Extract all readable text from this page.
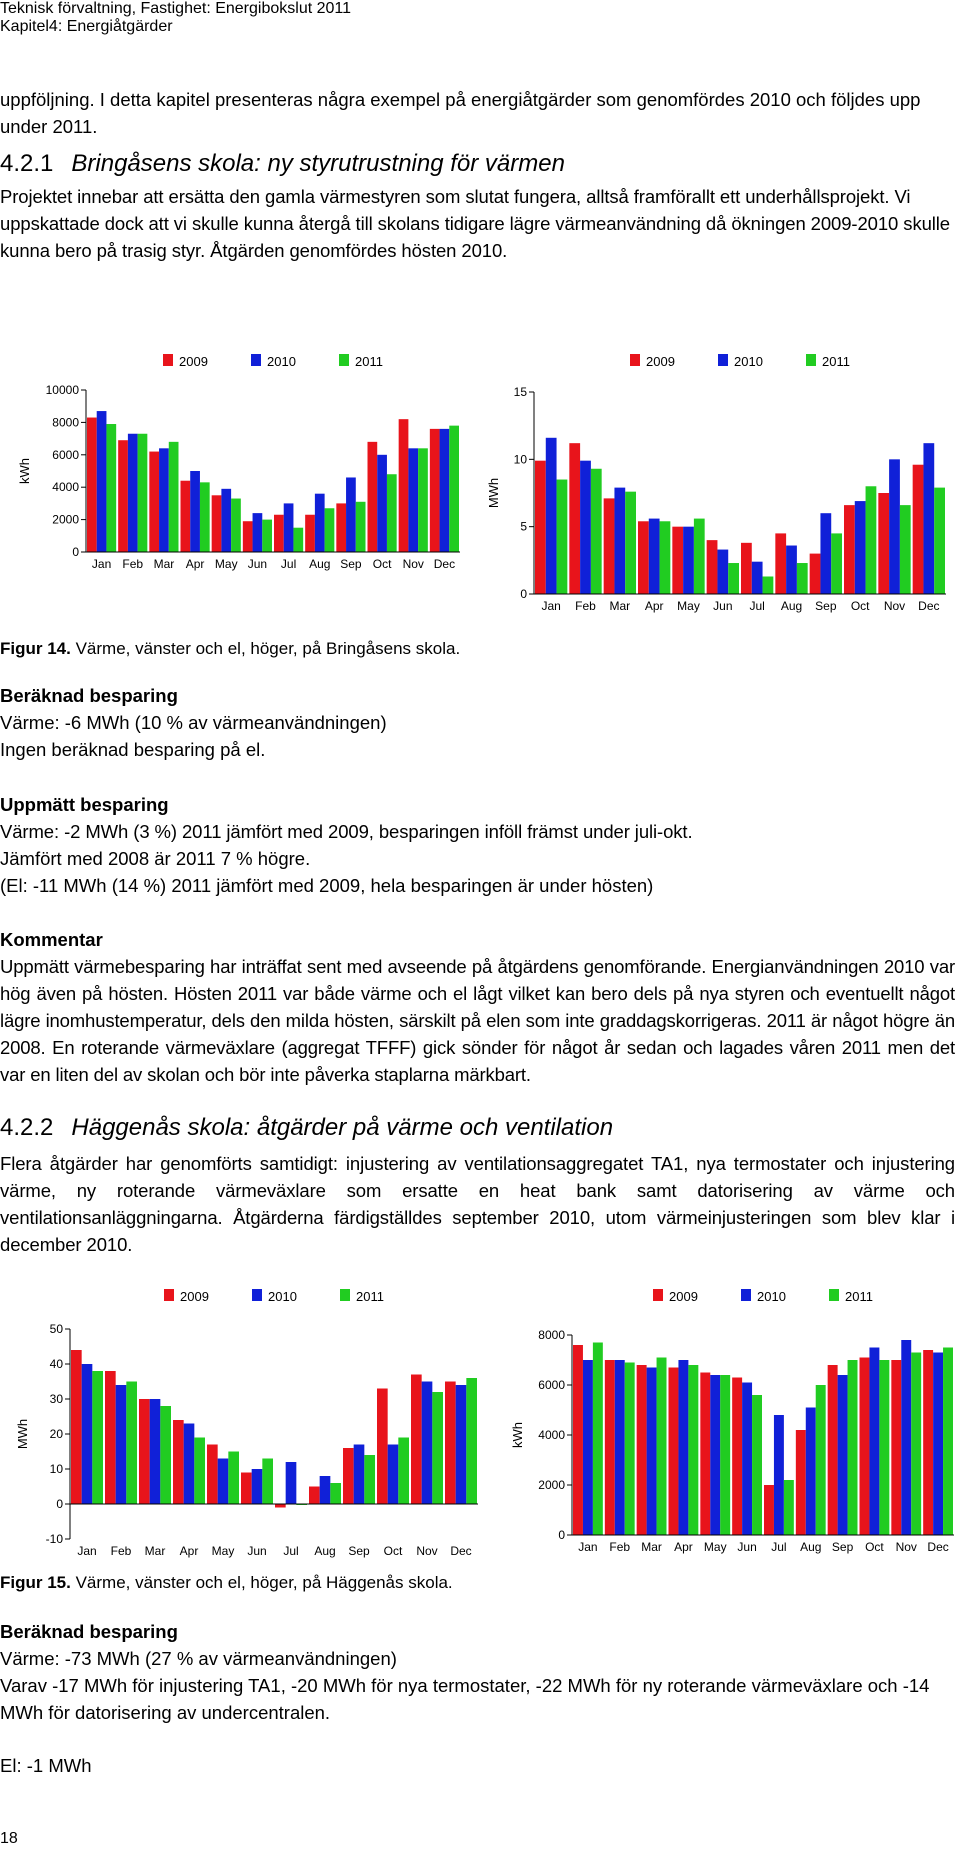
Teknisk förvaltning, Fastighet: Energibokslut 2011
Kapitel4: Energiåtgärder

uppföljning. I detta kapitel presenteras några exempel på energiåtgärder som genomfördes 2010 och följdes upp under 2011.

4.2.1 Bringåsens skola: ny styrutrustning för värmen

Projektet innebar att ersätta den gamla värmestyren som slutat fungera, alltså framförallt ett underhållsprojekt. Vi uppskattade dock att vi skulle kunna återgå till skolans tidigare lägre värmeanvändning då ökningen 2009-2010 skulle kunna bero på trasig styr. Åtgärden genomfördes hösten 2010.

2009	2010	2011
0
2000
4000
6000
8000
10000
kWh
Jan Feb Mar Apr May Jun Jul Aug Sep Oct Nov Dec
2009	2010	2011
0
5
10
15
MWh
Jan Feb Mar Apr May Jun Jul Aug Sep Oct Nov Dec

Figur 14. Värme, vänster och el, höger, på Bringåsens skola.

Beräknad besparing

Värme: -6 MWh (10 % av värmeanvändningen)

Ingen beräknad besparing på el.

Uppmätt besparing

Värme: -2 MWh (3 %) 2011 jämfört med 2009, besparingen inföll främst under juli-okt.

Jämfört med 2008 är 2011 7 % högre.

(El: -11 MWh (14 %) 2011 jämfört med 2009, hela besparingen är under hösten)

Kommentar

Uppmätt värmebesparing har inträffat sent med avseende på åtgärdens genomförande. Energianvändningen 2010 var hög även på hösten. Hösten 2011 var både värme och el lågt vilket kan bero dels på nya styren och eventuellt något lägre inomhustemperatur, dels den milda hösten, särskilt på elen som inte graddagskorrigeras. 2011 är något högre än 2008. En roterande värmeväxlare (aggregat TFFF) gick sönder för något år sedan och lagades våren 2011 men det var en liten del av skolan och bör inte påverka staplarna märkbart.

4.2.2 Häggenås skola: åtgärder på värme och ventilation

Flera åtgärder har genomförts samtidigt: injustering av ventilationsaggregatet TA1, nya termostater och injustering värme, ny roterande värmeväxlare som ersatte en heat bank samt datorisering av värme och ventilationsanläggningarna. Åtgärderna färdigställdes september 2010, utom värmeinjusteringen som blev klar i december 2010.

2009	2010	2011
-10
0
10
20
30
40
50
MWh
Jan Feb Mar Apr May Jun Jul Aug Sep Oct Nov Dec
2009	2010	2011
0
2000
4000
6000
8000
kWh
Jan Feb Mar Apr May Jun Jul Aug Sep Oct Nov Dec

Figur 15. Värme, vänster och el, höger, på Häggenås skola.

Beräknad besparing

Värme: -73 MWh (27 % av värmeanvändningen)

Varav -17 MWh för injustering TA1, -20 MWh för nya termostater, -22 MWh för ny roterande värmeväxlare och -14 MWh för datorisering av undercentralen.

El: -1 MWh

18
